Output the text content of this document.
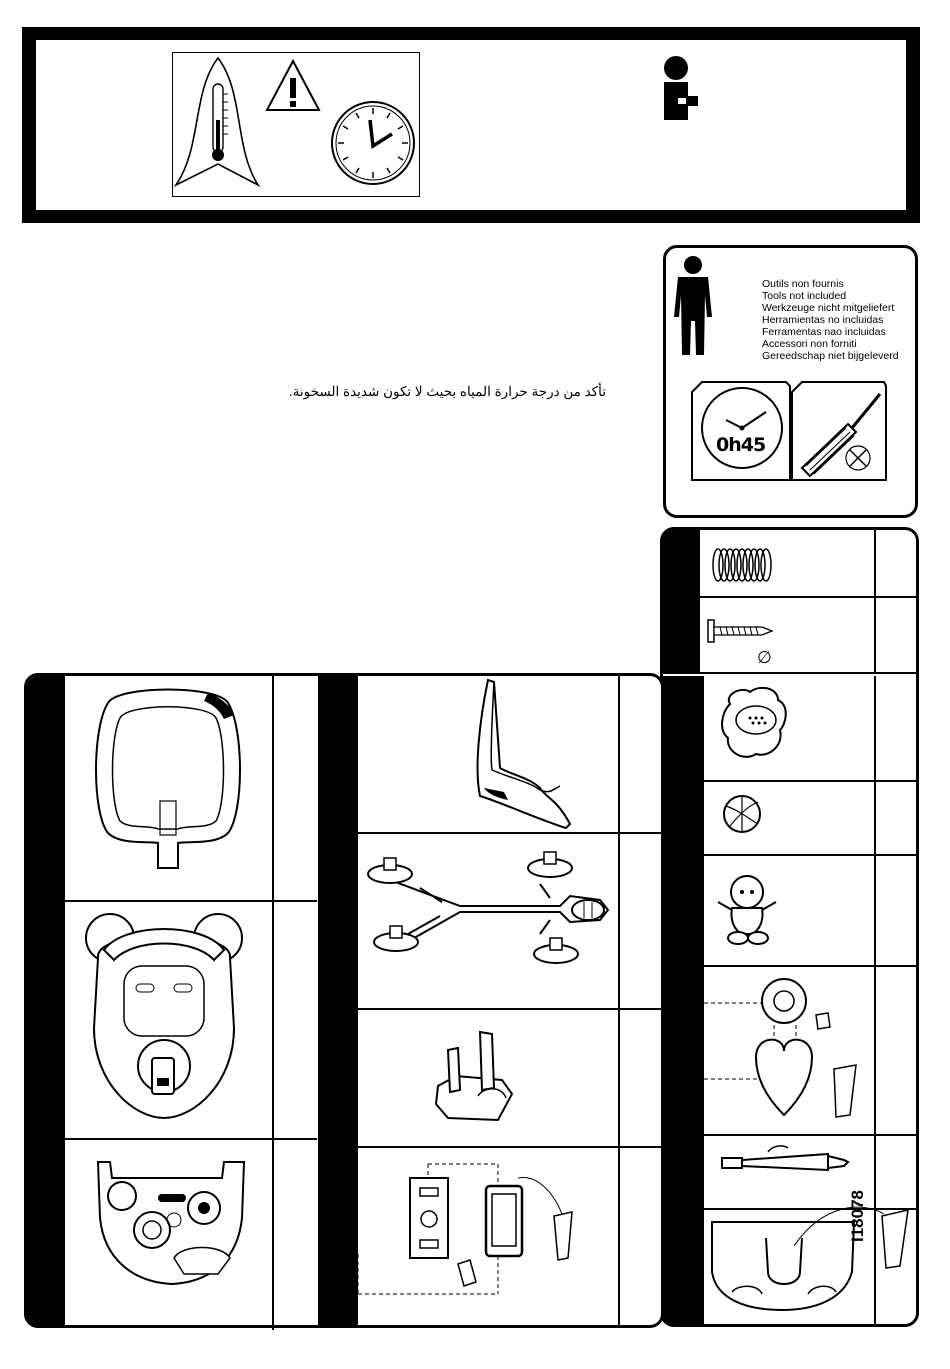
تأكد من درجة حرارة المياه بحيث لا تكون شديدة السخونة.
Outils non fournis
Tools not included
Werkzeuge nicht mitgeliefert
Herramientas no incluidas
Ferramentas nao incluidas
Accessori non forniti
Gereedschap niet bijgeleverd
0h45
∅
I18078
